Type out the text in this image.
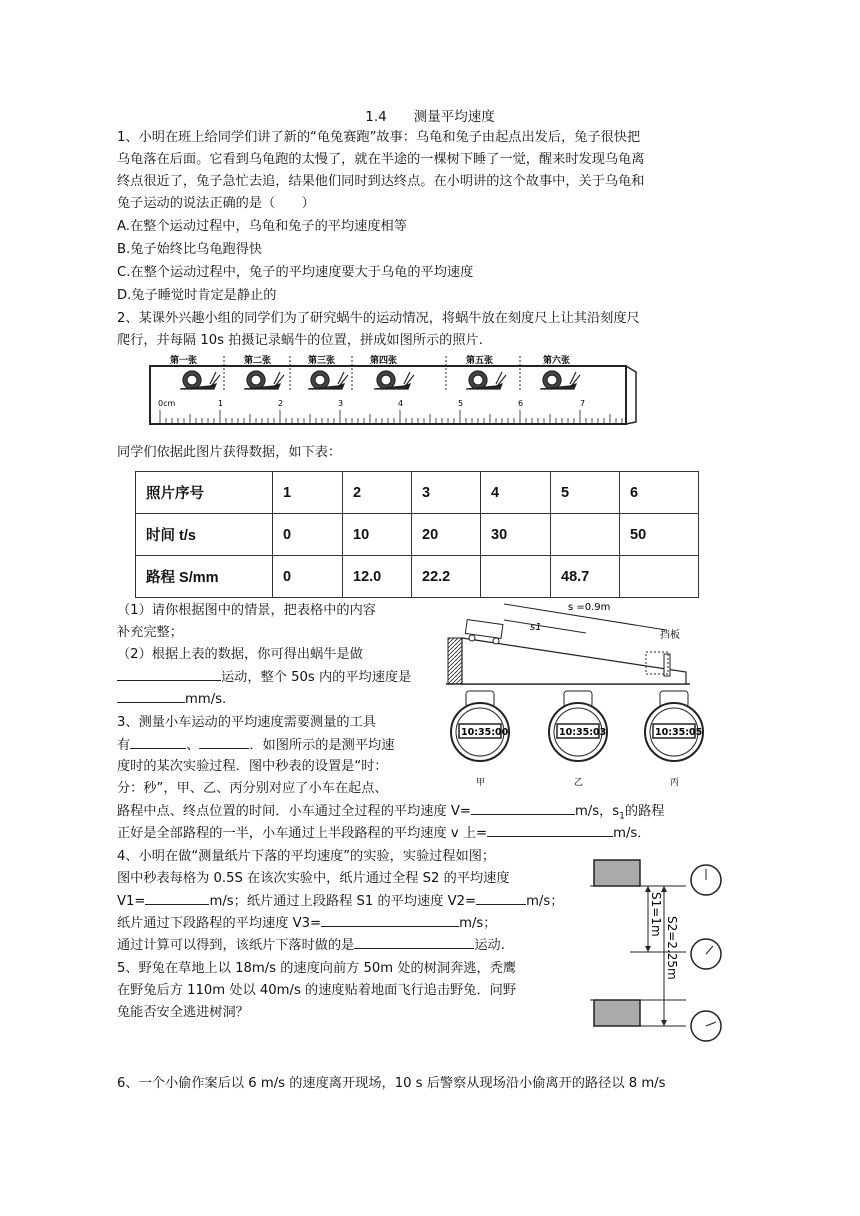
1.4　　测量平均速度
1、小明在班上给同学们讲了新的“龟兔赛跑”故事：乌龟和兔子由起点出发后，兔子很快把
乌龟落在后面。它看到乌龟跑的太慢了，就在半途的一棵树下睡了一觉，醒来时发现乌龟离
终点很近了，兔子急忙去追，结果他们同时到达终点。在小明讲的这个故事中，关于乌龟和
兔子运动的说法正确的是（　　）
A.在整个运动过程中，乌龟和兔子的平均速度相等
B.兔子始终比乌龟跑得快
C.在整个运动过程中，兔子的平均速度要大于乌龟的平均速度
D.兔子睡觉时肯定是静止的
2、某课外兴趣小组的同学们为了研究蜗牛的运动情况，将蜗牛放在刻度尺上让其沿刻度尺
爬行，并每隔 10s 拍摄记录蜗牛的位置，拼成如图所示的照片.
第一张	第二张	第三张	第四张	第五张	第六张
0cm	1	2	3	4	5	6	7
同学们依据此图片获得数据，如下表：
照片序号	1	2	3	4	5	6
时间 t/s	0	10	20	30		50
路程 S/mm	0	12.0	22.2		48.7	
（1）请你根据图中的情景，把表格中的内容
补充完整；
（2）根据上表的数据，你可得出蜗牛是做
运动，整个 50s 内的平均速度是
mm/s.
s =0.9m
s1
挡板
10:35:00
甲
10:35:03
乙
10:35:05
丙
3、测量小车运动的平均速度需要测量的工具
有	、	．如图所示的是测平均速
度时的某次实验过程．图中秒表的设置是“时：
分：秒”，甲、乙、丙分别对应了小车在起点、
路程中点、终点位置的时间．小车通过全过程的平均速度 V=	m/s，$s_1$的路程
正好是全部路程的一半，小车通过上半段路程的平均速度 v 上=	m/s．
4、小明在做“测量纸片下落的平均速度”的实验，实验过程如图；
图中秒表每格为 0.5S 在该次实验中，纸片通过全程 S2 的平均速度
V1=	m/s；纸片通过上段路程 S1 的平均速度 V2=	m/s；
纸片通过下段路程的平均速度 V3=	m/s；
通过计算可以得到，该纸片下落时做的是	运动.
S1=1m
S2=2.25m
5、野兔在草地上以 18m/s 的速度向前方 50m 处的树洞奔逃，秃鹰
在野兔后方 110m 处以 40m/s 的速度贴着地面飞行追击野兔．问野
兔能否安全逃进树洞？
6、一个小偷作案后以 6 m/s 的速度离开现场，10 s 后警察从现场沿小偷离开的路径以 8 m/s
